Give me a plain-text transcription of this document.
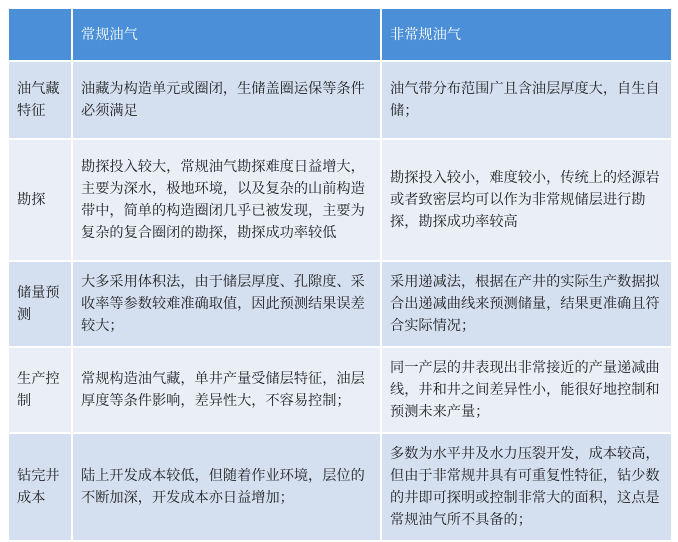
	常规油气	非常规油气
油气藏特征	油藏为构造单元或圈闭，生储盖圈运保等条件必须满足	油气带分布范围广且含油层厚度大，自生自储；
勘探	勘探投入较大，常规油气勘探难度日益增大，主要为深水，极地环境，以及复杂的山前构造带中，简单的构造圈闭几乎已被发现，主要为复杂的复合圈闭的勘探，勘探成功率较低	勘探投入较小，难度较小，传统上的烃源岩或者致密层均可以作为非常规储层进行勘探，勘探成功率较高
储量预测	大多采用体积法，由于储层厚度、孔隙度、采收率等参数较难准确取值，因此预测结果误差较大；	采用递减法，根据在产井的实际生产数据拟合出递减曲线来预测储量，结果更准确且符合实际情况；
生产控制	常规构造油气藏，单井产量受储层特征，油层厚度等条件影响，差异性大，不容易控制；	同一产层的井表现出非常接近的产量递减曲线，井和井之间差异性小，能很好地控制和预测未来产量；
钻完井成本	陆上开发成本较低，但随着作业环境，层位的不断加深，开发成本亦日益增加；	多数为水平井及水力压裂开发，成本较高，但由于非常规井具有可重复性特征，钻少数的井即可探明或控制非常大的面积，这点是常规油气所不具备的；
